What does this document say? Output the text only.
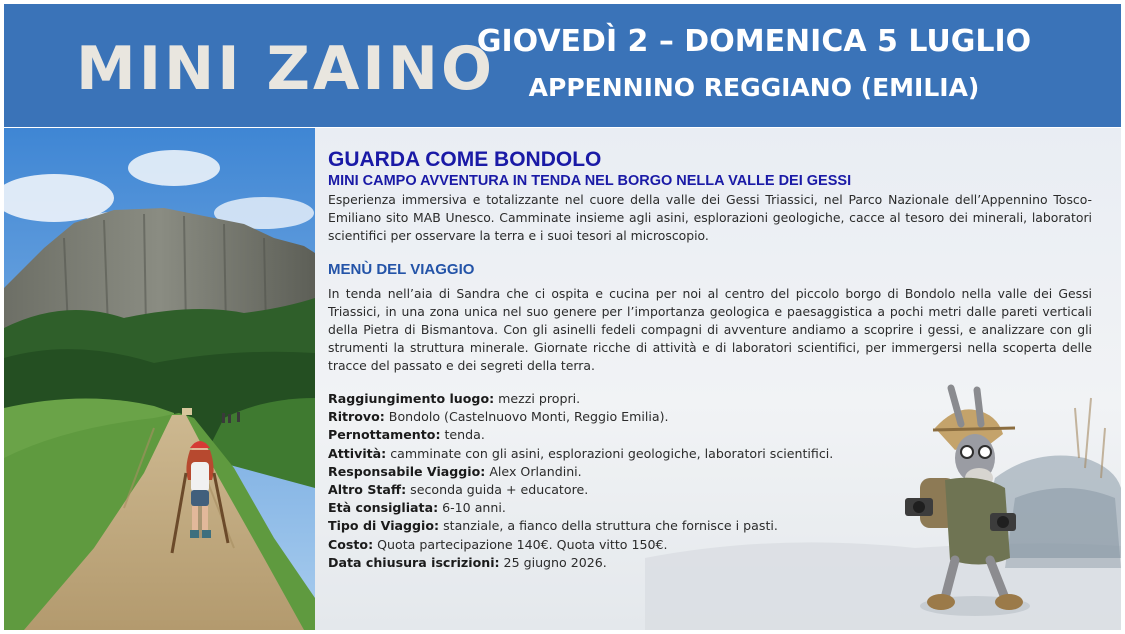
MINI ZAINO
GIOVEDÌ 2 – DOMENICA 5 LUGLIO
APPENNINO REGGIANO (EMILIA)
GUARDA COME BONDOLO
MINI CAMPO AVVENTURA IN TENDA NEL BORGO NELLA VALLE DEI GESSI

Esperienza immersiva e totalizzante nel cuore della valle dei Gessi Triassici, nel Parco Nazionale dell’Appennino Tosco-Emiliano sito MAB Unesco. Camminate insieme agli asini, esplorazioni geologiche, cacce al tesoro dei minerali, laboratori scientifici per osservare la terra e i suoi tesori al microscopio.

MENÙ DEL VIAGGIO

In tenda nell’aia di Sandra che ci ospita e cucina per noi al centro del piccolo borgo di Bondolo nella valle dei Gessi Triassici, in una zona unica nel suo genere per l’importanza geologica e paesaggistica a pochi metri dalle pareti verticali della Pietra di Bismantova. Con gli asinelli fedeli compagni di avventure andiamo a scoprire i gessi, e analizzare con gli strumenti la struttura minerale. Giornate ricche di attività e di laboratori scientifici, per immergersi nella scoperta delle tracce del passato e dei segreti della terra.

Raggiungimento luogo: mezzi propri.
Ritrovo: Bondolo (Castelnuovo Monti, Reggio Emilia).
Pernottamento: tenda.
Attività: camminate con gli asini, esplorazioni geologiche, laboratori scientifici.
Responsabile Viaggio: Alex Orlandini.
Altro Staff: seconda guida + educatore.
Età consigliata: 6-10 anni.
Tipo di Viaggio: stanziale, a fianco della struttura che fornisce i pasti.
Costo: Quota partecipazione 140€. Quota vitto 150€.
Data chiusura iscrizioni: 25 giugno 2026.
